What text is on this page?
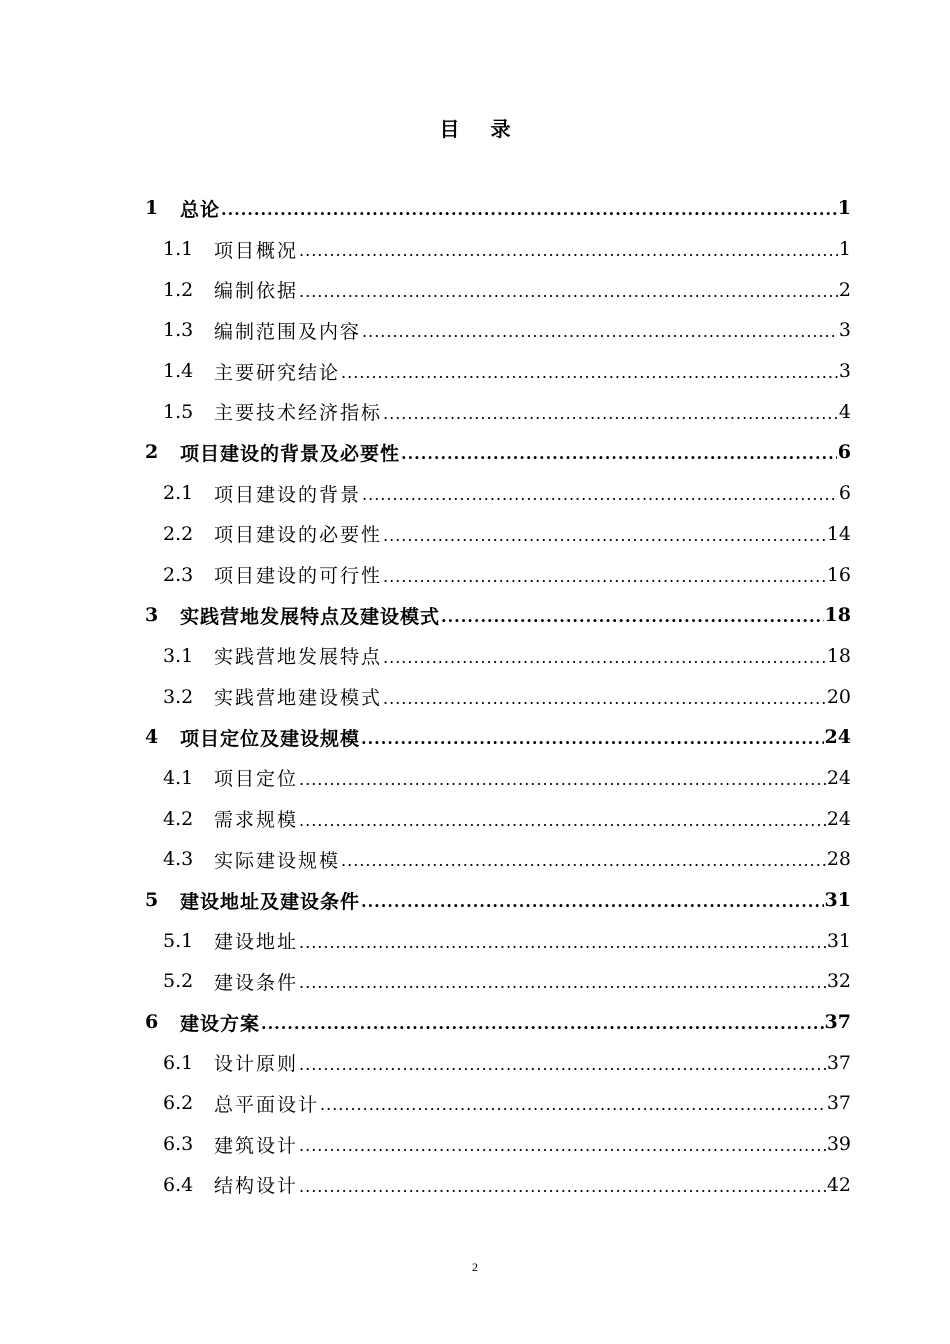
目 录
1	总论 .....	1
1.1	项目概况 .....	1
1.2	编制依据 .....	2
1.3	编制范围及内容 .....	3
1.4	主要研究结论 .....	3
1.5	主要技术经济指标 .....	4
2	项目建设的背景及必要性 .....	6
2.1	项目建设的背景 .....	6
2.2	项目建设的必要性 .....	14
2.3	项目建设的可行性 .....	16
3	实践营地发展特点及建设模式 .....	18
3.1	实践营地发展特点 .....	18
3.2	实践营地建设模式 .....	20
4	项目定位及建设规模 .....	24
4.1	项目定位 .....	24
4.2	需求规模 .....	24
4.3	实际建设规模 .....	28
5	建设地址及建设条件 .....	31
5.1	建设地址 .....	31
5.2	建设条件 .....	32
6	建设方案 .....	37
6.1	设计原则 .....	37
6.2	总平面设计 .....	37
6.3	建筑设计 .....	39
6.4	结构设计 .....	42
2
